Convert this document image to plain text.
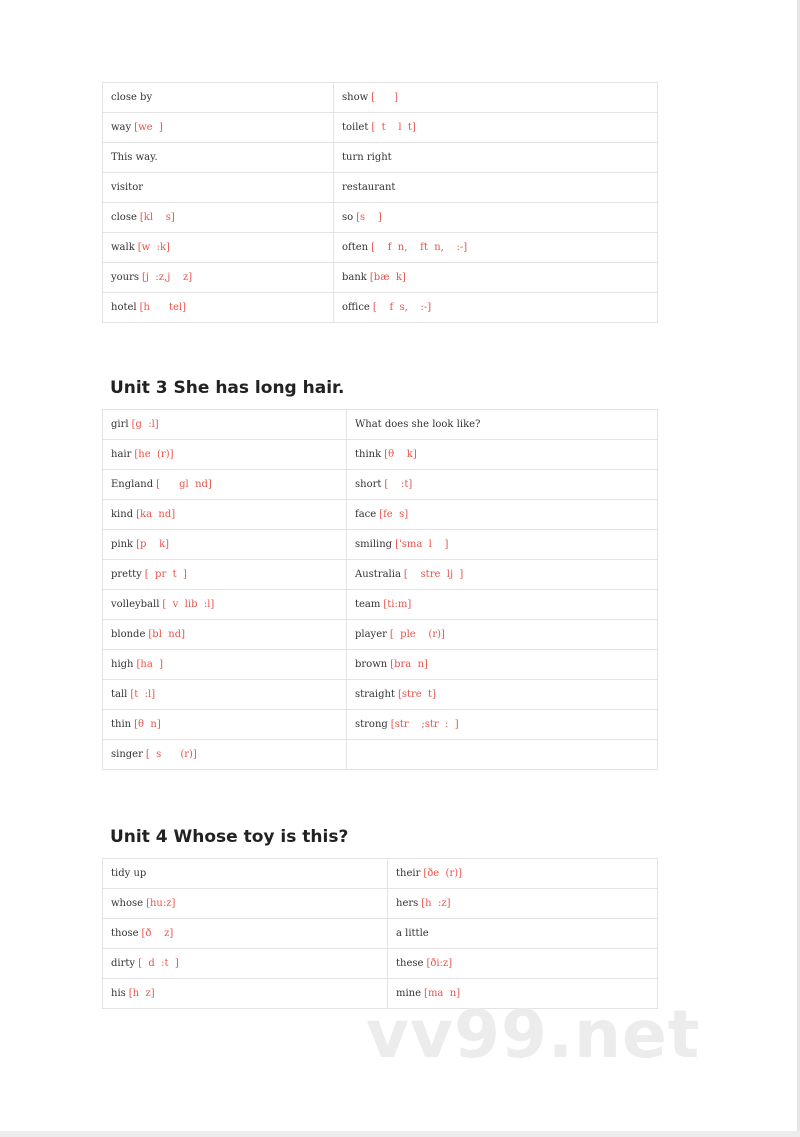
close by	show [      ]
way [we  ]	toilet [  t    l  t]
This way.	turn right
visitor	restaurant
close [kl    s]	so [s    ]
walk [w  :k]	often [    f  n,    ft  n,    :-]
yours [j  :z,j    z]	bank [bæ  k]
hotel [h      tel]	office [    f  s,    :-]
Unit 3 She has long hair.
girl [g  :l]	What does she look like?
hair [he  (r)]	think [θ    k]
England [      gl  nd]	short [    :t]
kind [ka  nd]	face [fe  s]
pink [p    k]	smiling ['sma  l    ]
pretty [  pr  t  ]	Australia [    stre  lj  ]
volleyball [  v  lib  :l]	team [ti:m]
blonde [bl  nd]	player [  ple    (r)]
high [ha  ]	brown [bra  n]
tall [t  :l]	straight [stre  t]
thin [θ  n]	strong [str    ;str  :  ]
singer [  s      (r)]	
Unit 4 Whose toy is this?
tidy up	their [ðe  (r)]
whose [hu:z]	hers [h  :z]
those [ð    z]	a little
dirty [  d  :t  ]	these [ði:z]
his [h  z]	mine [ma  n]
vv99.net
